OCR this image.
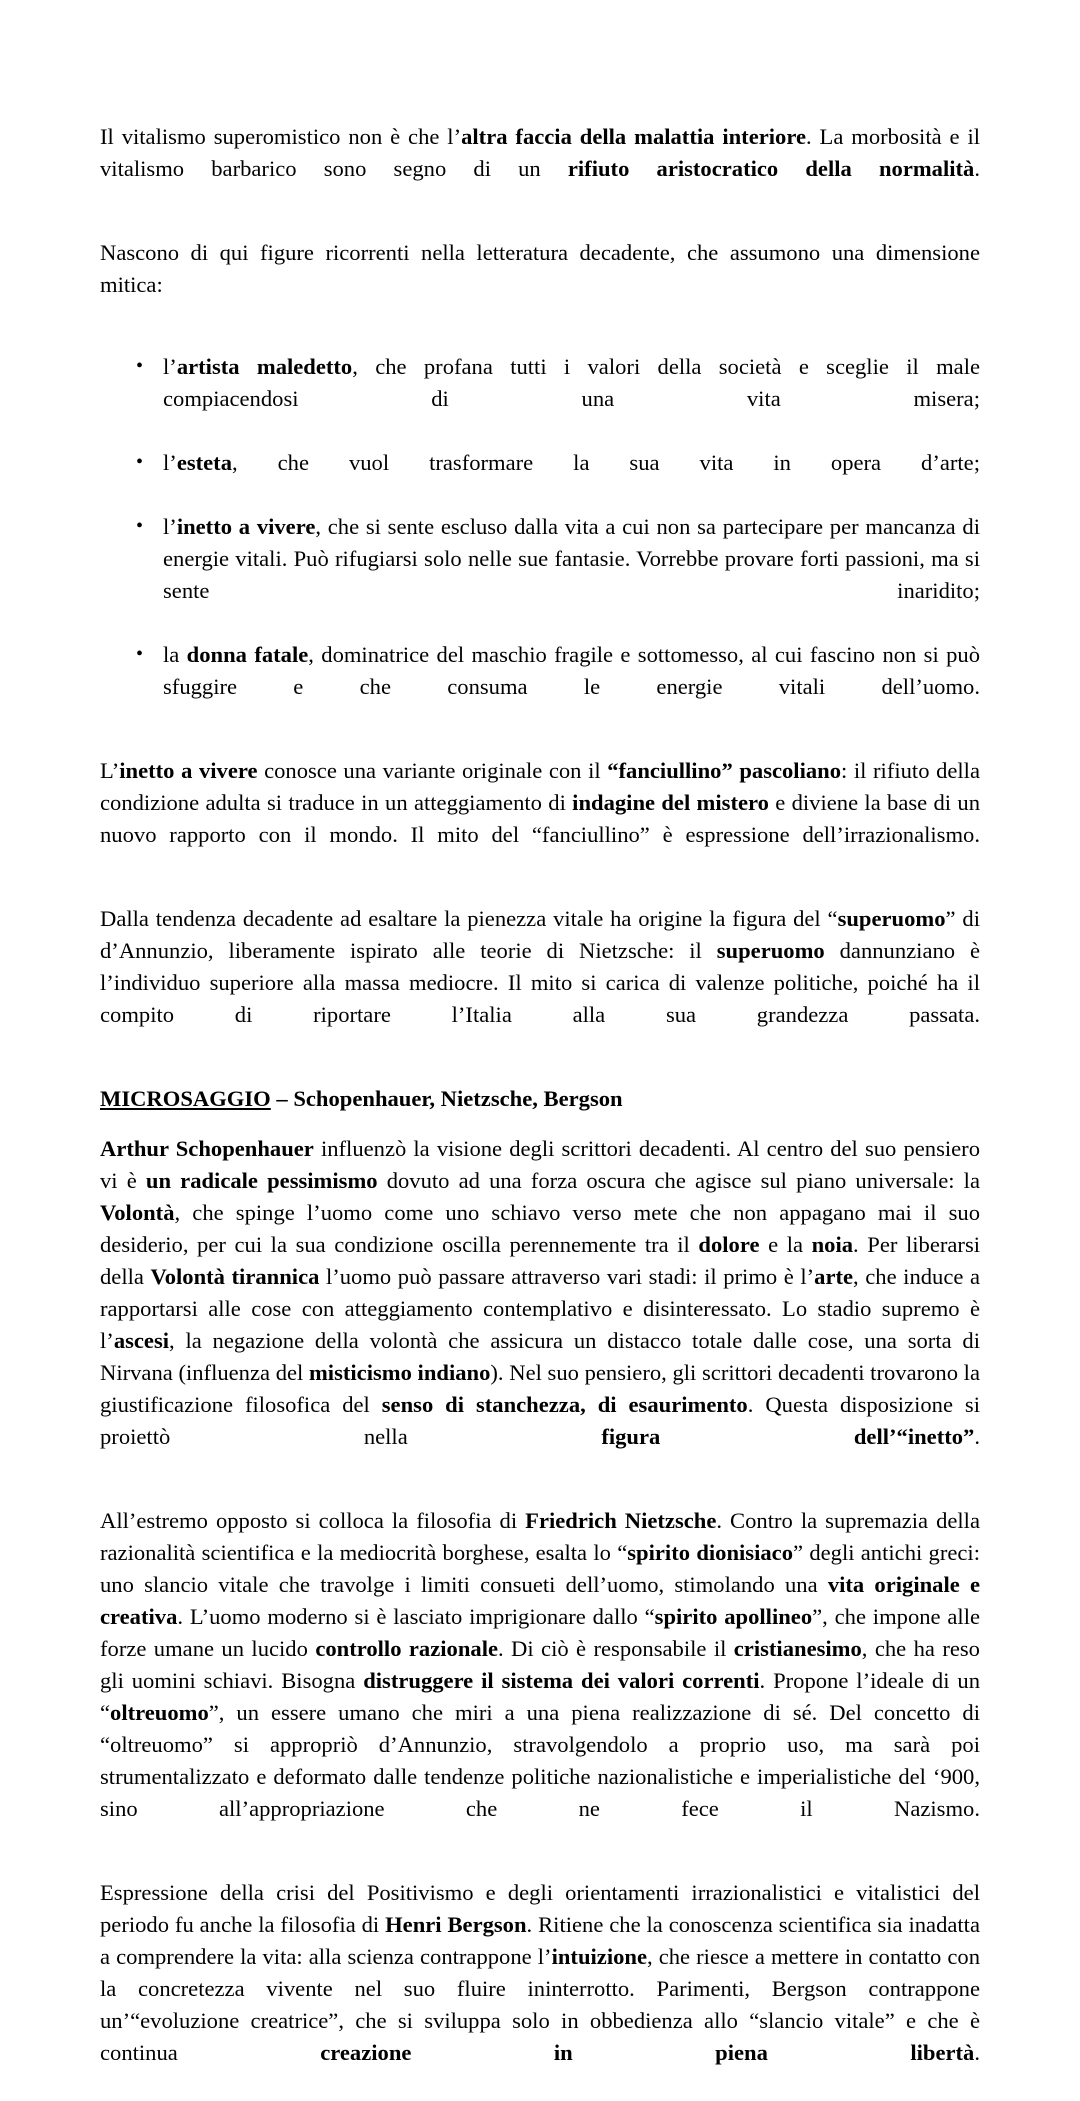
Il vitalismo superomistico non è che l’altra faccia della malattia interiore. La morbosità e il vitalismo barbarico sono segno di un rifiuto aristocratico della normalità.

Nascono di qui figure ricorrenti nella letteratura decadente, che assumono una dimensione mitica:

• l’artista maledetto, che profana tutti i valori della società e sceglie il male compiacendosi di una vita misera;
• l’esteta, che vuol trasformare la sua vita in opera d’arte;
• l’inetto a vivere, che si sente escluso dalla vita a cui non sa partecipare per mancanza di energie vitali. Può rifugiarsi solo nelle sue fantasie. Vorrebbe provare forti passioni, ma si sente inaridito;
• la donna fatale, dominatrice del maschio fragile e sottomesso, al cui fascino non si può sfuggire e che consuma le energie vitali dell’uomo.

L’inetto a vivere conosce una variante originale con il “fanciullino” pascoliano: il rifiuto della condizione adulta si traduce in un atteggiamento di indagine del mistero e diviene la base di un nuovo rapporto con il mondo. Il mito del “fanciullino” è espressione dell’irrazionalismo.

Dalla tendenza decadente ad esaltare la pienezza vitale ha origine la figura del “superuomo” di d’Annunzio, liberamente ispirato alle teorie di Nietzsche: il superuomo dannunziano è l’individuo superiore alla massa mediocre. Il mito si carica di valenze politiche, poiché ha il compito di riportare l’Italia alla sua grandezza passata.

MICROSAGGIO – Schopenhauer, Nietzsche, Bergson

Arthur Schopenhauer influenzò la visione degli scrittori decadenti. Al centro del suo pensiero vi è un radicale pessimismo dovuto ad una forza oscura che agisce sul piano universale: la Volontà, che spinge l’uomo come uno schiavo verso mete che non appagano mai il suo desiderio, per cui la sua condizione oscilla perennemente tra il dolore e la noia. Per liberarsi della Volontà tirannica l’uomo può passare attraverso vari stadi: il primo è l’arte, che induce a rapportarsi alle cose con atteggiamento contemplativo e disinteressato. Lo stadio supremo è l’ascesi, la negazione della volontà che assicura un distacco totale dalle cose, una sorta di Nirvana (influenza del misticismo indiano). Nel suo pensiero, gli scrittori decadenti trovarono la giustificazione filosofica del senso di stanchezza, di esaurimento. Questa disposizione si proiettò nella figura dell’“inetto”.

All’estremo opposto si colloca la filosofia di Friedrich Nietzsche. Contro la supremazia della razionalità scientifica e la mediocrità borghese, esalta lo “spirito dionisiaco” degli antichi greci: uno slancio vitale che travolge i limiti consueti dell’uomo, stimolando una vita originale e creativa. L’uomo moderno si è lasciato imprigionare dallo “spirito apollineo”, che impone alle forze umane un lucido controllo razionale. Di ciò è responsabile il cristianesimo, che ha reso gli uomini schiavi. Bisogna distruggere il sistema dei valori correnti. Propone l’ideale di un “oltreuomo”, un essere umano che miri a una piena realizzazione di sé. Del concetto di “oltreuomo” si appropriò d’Annunzio, stravolgendolo a proprio uso, ma sarà poi strumentalizzato e deformato dalle tendenze politiche nazionalistiche e imperialistiche del ‘900, sino all’appropriazione che ne fece il Nazismo.

Espressione della crisi del Positivismo e degli orientamenti irrazionalistici e vitalistici del periodo fu anche la filosofia di Henri Bergson. Ritiene che la conoscenza scientifica sia inadatta a comprendere la vita: alla scienza contrappone l’intuizione, che riesce a mettere in contatto con la concretezza vivente nel suo fluire ininterrotto. Parimenti, Bergson contrappone un’“evoluzione creatrice”, che si sviluppa solo in obbedienza allo “slancio vitale” e che è continua creazione in piena libertà.
